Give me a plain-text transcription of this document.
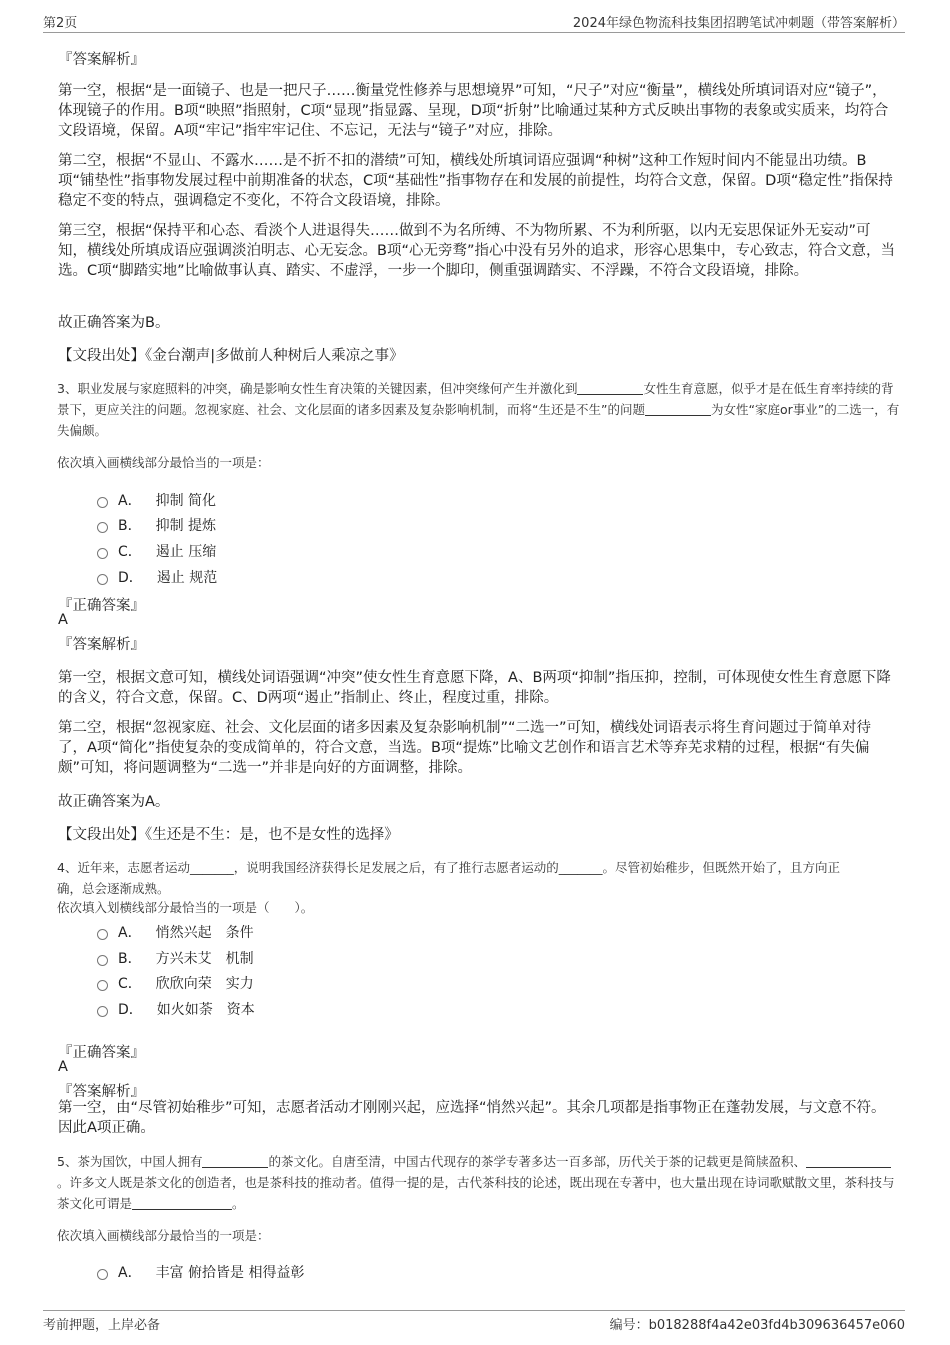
第2页	2024年绿色物流科技集团招聘笔试冲刺题（带答案解析）
『答案解析』
第一空，根据“是一面镜子、也是一把尺子……衡量党性修养与思想境界”可知，“尺子”对应“衡量”，横线处所填词语对应“镜子”，体现镜子的作用。B项“映照”指照射，C项“显现”指显露、呈现，D项“折射”比喻通过某种方式反映出事物的表象或实质来，均符合文段语境，保留。A项“牢记”指牢牢记住、不忘记，无法与“镜子”对应，排除。
第二空，根据“不显山、不露水……是不折不扣的潜绩”可知，横线处所填词语应强调“种树”这种工作短时间内不能显出功绩。B项“铺垫性”指事物发展过程中前期准备的状态，C项“基础性”指事物存在和发展的前提性，均符合文意，保留。D项“稳定性”指保持稳定不变的特点，强调稳定不变化，不符合文段语境，排除。
第三空，根据“保持平和心态、看淡个人进退得失……做到不为名所缚、不为物所累、不为利所驱，以内无妄思保证外无妄动”可知，横线处所填成语应强调淡泊明志、心无妄念。B项“心无旁骛”指心中没有另外的追求，形容心思集中，专心致志，符合文意，当选。C项“脚踏实地”比喻做事认真、踏实、不虚浮，一步一个脚印，侧重强调踏实、不浮躁，不符合文段语境，排除。
故正确答案为B。
【文段出处】《金台潮声|多做前人种树后人乘凉之事》
3、职业发展与家庭照料的冲突，确是影响女性生育决策的关键因素，但冲突缘何产生并激化到	女性生育意愿，似乎才是在低生育率持续的背景下，更应关注的问题。忽视家庭、社会、文化层面的诸多因素及复杂影响机制，而将“生还是不生”的问题	为女性“家庭or事业”的二选一，有失偏颇。
依次填入画横线部分最恰当的一项是：
A． 抑制 简化
B． 抑制 提炼
C． 遏止 压缩
D． 遏止 规范
『正确答案』
A
『答案解析』
第一空，根据文意可知，横线处词语强调“冲突”使女性生育意愿下降，A、B两项“抑制”指压抑，控制，可体现使女性生育意愿下降的含义，符合文意，保留。C、D两项“遏止”指制止、终止，程度过重，排除。
第二空，根据“忽视家庭、社会、文化层面的诸多因素及复杂影响机制”“二选一”可知，横线处词语表示将生育问题过于简单对待了，A项“简化”指使复杂的变成简单的，符合文意，当选。B项“提炼”比喻文艺创作和语言艺术等弃芜求精的过程，根据“有失偏颇”可知，将问题调整为“二选一”并非是向好的方面调整，排除。
故正确答案为A。
【文段出处】《生还是不生：是，也不是女性的选择》
4、近年来，志愿者运动_______，说明我国经济获得长足发展之后，有了推行志愿者运动的_______。尽管初始稚步，但既然开始了，且方向正
确，总会逐渐成熟。
依次填入划横线部分最恰当的一项是（　　）。
A． 悄然兴起 条件
B． 方兴未艾 机制
C． 欣欣向荣 实力
D． 如火如荼 资本
『正确答案』
A
『答案解析』
第一空，由“尽管初始稚步”可知，志愿者活动才刚刚兴起，应选择“悄然兴起”。其余几项都是指事物正在蓬勃发展，与文意不符。因此A项正确。
5、茶为国饮，中国人拥有	的茶文化。自唐至清，中国古代现存的茶学专著多达一百多部，历代关于茶的记载更是简牍盈积、。许多文人既是茶文化的创造者，也是茶科技的推动者。值得一提的是，古代茶科技的论述，既出现在专著中，也大量出现在诗词歌赋散文里，茶科技与茶文化可谓是	。
依次填入画横线部分最恰当的一项是：
A． 丰富 俯拾皆是 相得益彰
考前押题，上岸必备	编号：b018288f4a42e03fd4b309636457e060
